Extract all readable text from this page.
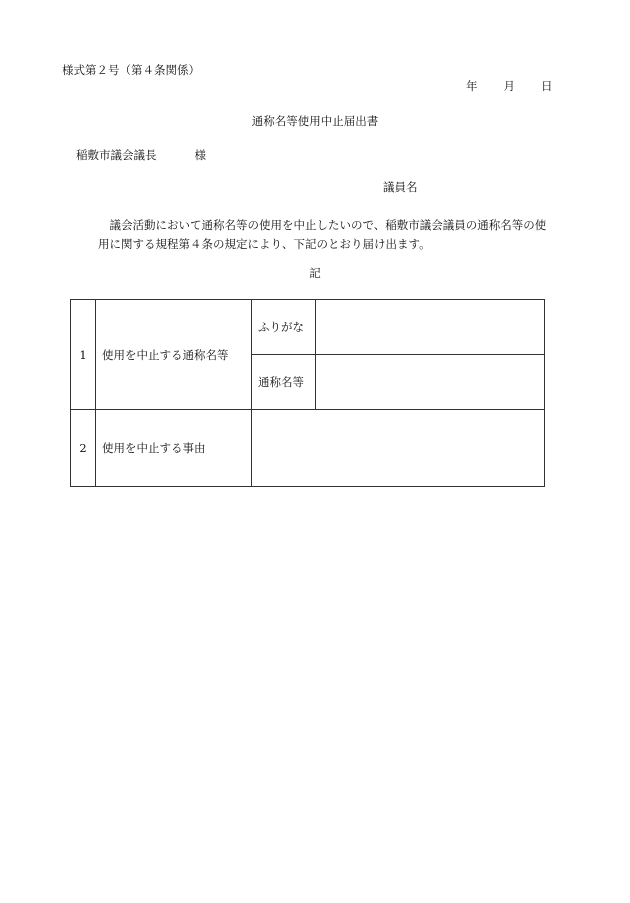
様式第２号（第４条関係）
年 月 日
通称名等使用中止届出書
稲敷市議会議長	様
議員名
議会活動において通称名等の使用を中止したいので、稲敷市議会議員の通称名等の使用に関する規程第４条の規定により、下記のとおり届け出ます。
記
1	使用を中止する通称名等	ふりがな	
		通称名等	
2	使用を中止する事由		
